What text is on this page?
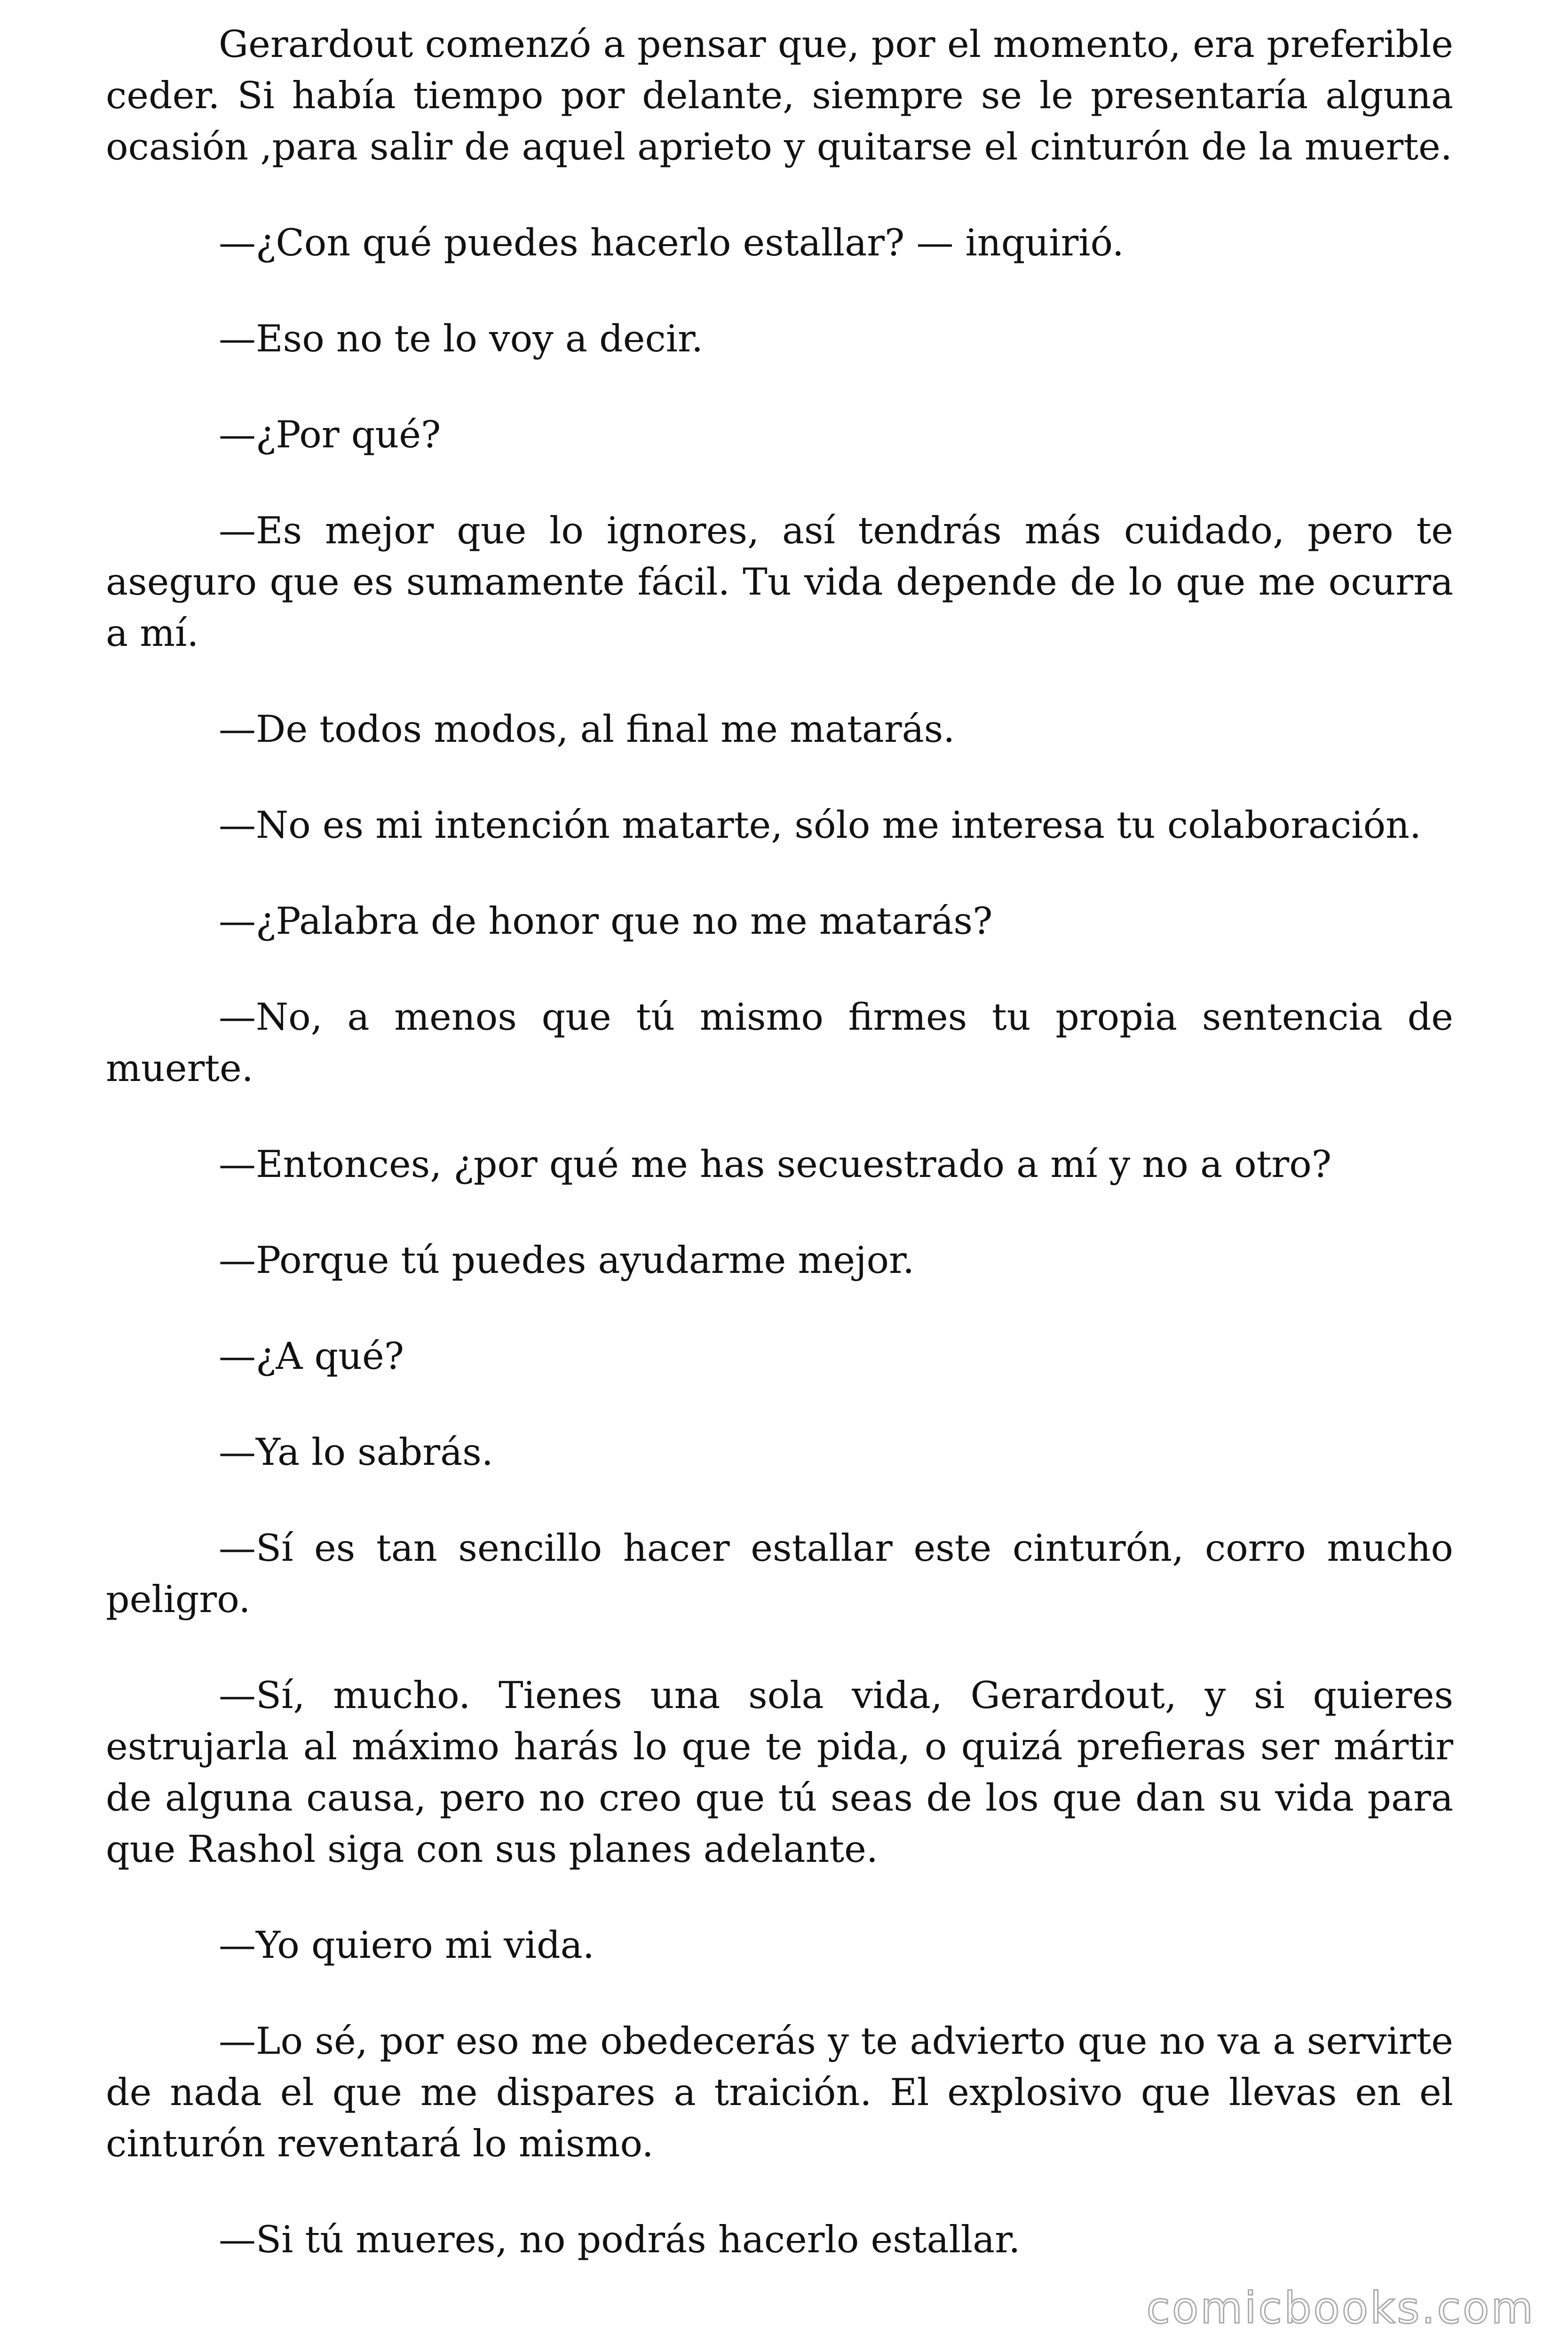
Gerardout comenzó a pensar que, por el momento, era preferible ceder. Si había tiempo por delante, siempre se le presentaría alguna ocasión ,para salir de aquel aprieto y quitarse el cinturón de la muerte.

—¿Con qué puedes hacerlo estallar? — inquirió.

—Eso no te lo voy a decir.

—¿Por qué?

—Es mejor que lo ignores, así tendrás más cuidado, pero te aseguro que es sumamente fácil. Tu vida depende de lo que me ocurra a mí.

—De todos modos, al final me matarás.

—No es mi intención matarte, sólo me interesa tu colaboración.

—¿Palabra de honor que no me matarás?

—No, a menos que tú mismo firmes tu propia sentencia de muerte.

—Entonces, ¿por qué me has secuestrado a mí y no a otro?

—Porque tú puedes ayudarme mejor.

—¿A qué?

—Ya lo sabrás.

—Sí es tan sencillo hacer estallar este cinturón, corro mucho peligro.

—Sí, mucho. Tienes una sola vida, Gerardout, y si quieres estrujarla al máximo harás lo que te pida, o quizá prefieras ser mártir de alguna causa, pero no creo que tú seas de los que dan su vida para que Rashol siga con sus planes adelante.

—Yo quiero mi vida.

—Lo sé, por eso me obedecerás y te advierto que no va a servirte de nada el que me dispares a traición. El explosivo que llevas en el cinturón reventará lo mismo.

—Si tú mueres, no podrás hacerlo estallar.

comicbooks.com
